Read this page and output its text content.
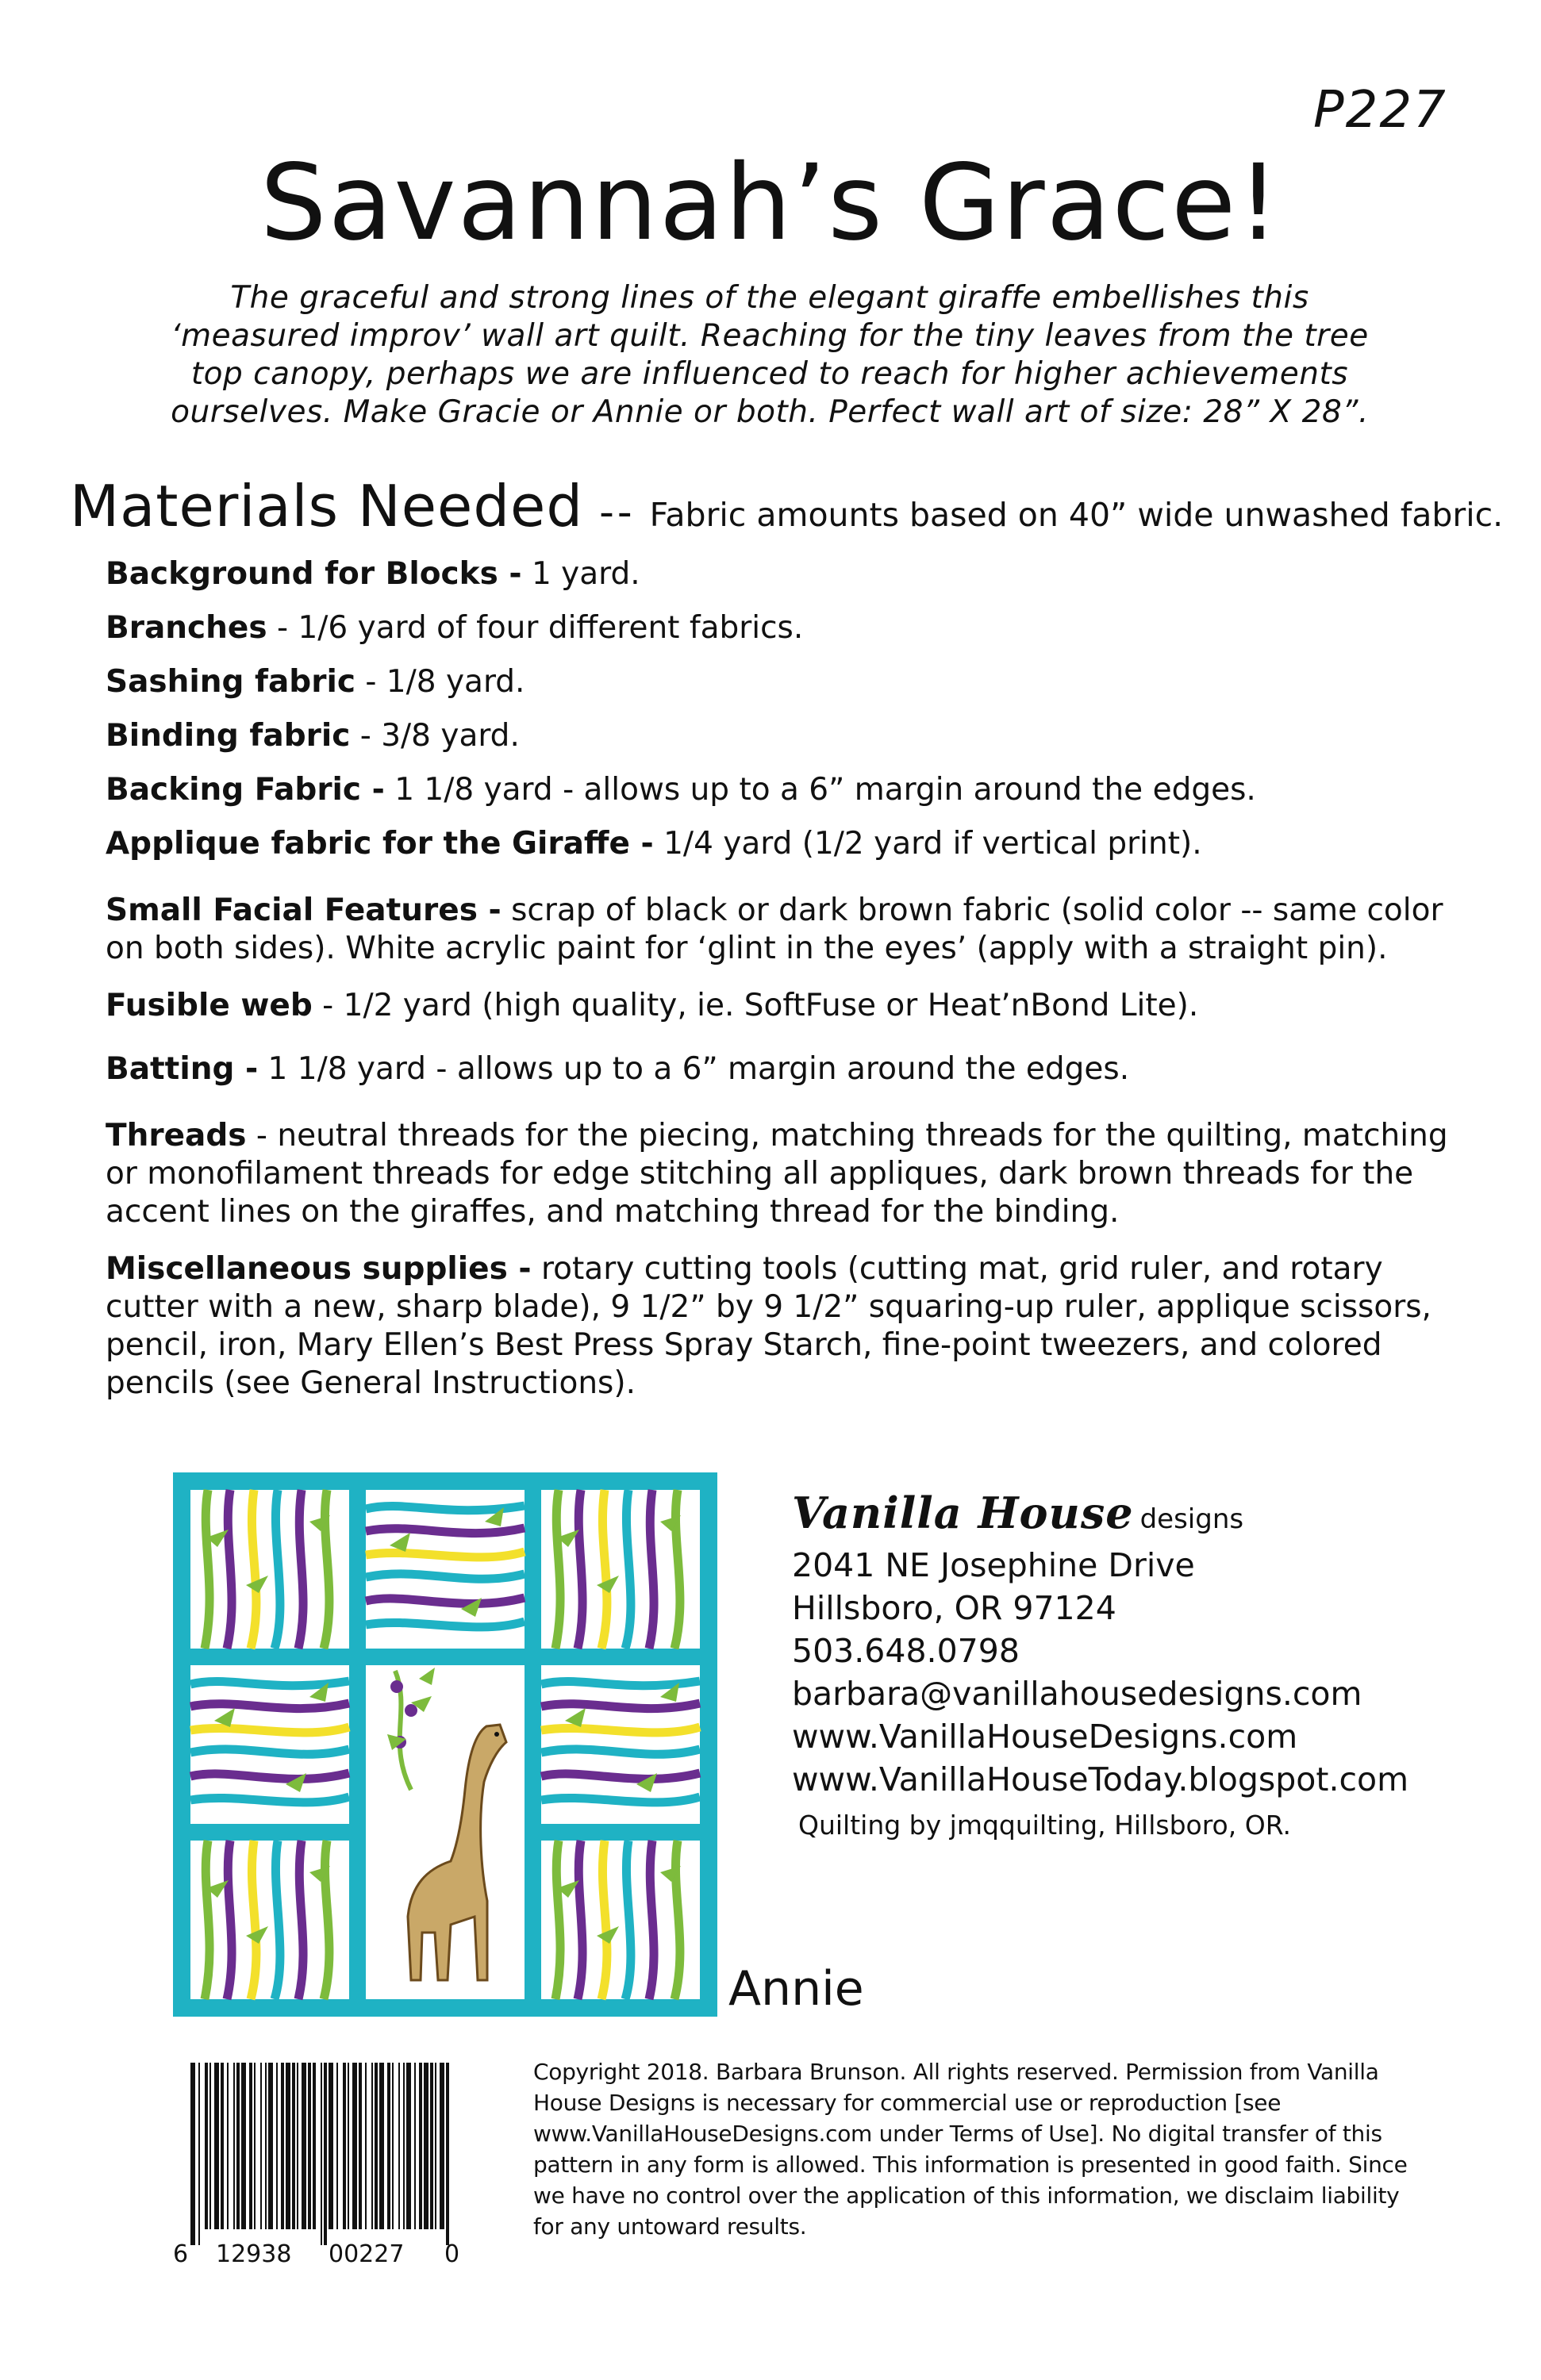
P227
Savannah’s Grace!
The graceful and strong lines of the elegant giraffe embellishes this ‘measured improv’ wall art quilt. Reaching for the tiny leaves from the tree top canopy, perhaps we are influenced to reach for higher achievements ourselves. Make Gracie or Annie or both. Perfect wall art of size: 28” X 28”.
Materials Needed -- Fabric amounts based on 40” wide unwashed fabric.
Background for Blocks - 1 yard.
Branches - 1/6 yard of four different fabrics.
Sashing fabric - 1/8 yard.
Binding fabric - 3/8 yard.
Backing Fabric - 1 1/8 yard - allows up to a 6” margin around the edges.
Applique fabric for the Giraffe - 1/4 yard (1/2 yard if vertical print).
Small Facial Features - scrap of black or dark brown fabric (solid color -- same color on both sides). White acrylic paint for ‘glint in the eyes’ (apply with a straight pin).
Fusible web - 1/2 yard (high quality, ie. SoftFuse or Heat’nBond Lite).
Batting - 1 1/8 yard - allows up to a 6” margin around the edges.
Threads - neutral threads for the piecing, matching threads for the quilting, matching or monofilament threads for edge stitching all appliques, dark brown threads for the accent lines on the giraffes, and matching thread for the binding.
Miscellaneous supplies - rotary cutting tools (cutting mat, grid ruler, and rotary cutter with a new, sharp blade), 9 1/2” by 9 1/2” squaring-up ruler, applique scissors, pencil, iron, Mary Ellen’s Best Press Spray Starch, fine-point tweezers, and colored pencils (see General Instructions).
Annie
Vanilla House designs
2041 NE Josephine Drive
Hillsboro, OR 97124
503.648.0798
barbara@vanillahousedesigns.com
www.VanillaHouseDesigns.com
www.VanillaHouseToday.blogspot.com
Quilting by jmqquilting, Hillsboro, OR.
6 12938 00227 0
Copyright 2018. Barbara Brunson. All rights reserved. Permission from Vanilla House Designs is necessary for commercial use or reproduction [see www.VanillaHouseDesigns.com under Terms of Use]. No digital transfer of this pattern in any form is allowed. This information is presented in good faith. Since we have no control over the application of this information, we disclaim liability for any untoward results.
